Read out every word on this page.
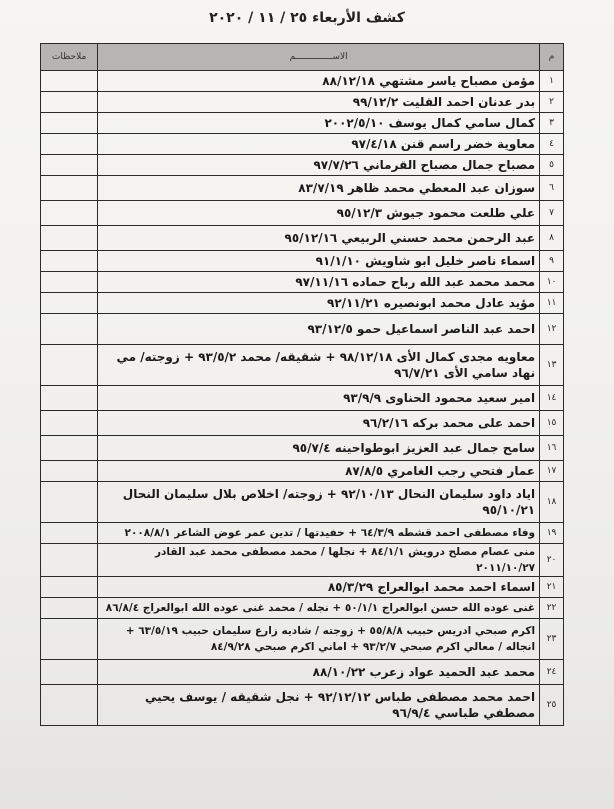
كشف الأربعاء ٢٥ / ١١ / ٢٠٢٠
م	الاســــــــــــــم	ملاحظات
١	مؤمن مصباح ياسر مشتهي ٨٨/١٢/١٨	
٢	بدر عدنان احمد القليت ٩٩/١٢/٢	
٣	كمال سامي كمال يوسف ٢٠٠٢/٥/١٠	
٤	معاوية خضر راسم قنن ٩٧/٤/١٨	
٥	مصباح جمال مصباح القرماني ٩٧/٧/٢٦	
٦	سوزان عبد المعطي محمد ظاهر ٨٣/٧/١٩	
٧	علي طلعت محمود جيوش ٩٥/١٢/٣	
٨	عبد الرحمن محمد حسني الربيعي ٩٥/١٢/١٦	
٩	اسماء ناصر خليل ابو شاويش ٩١/١/١٠	
١٠	محمد محمد عبد الله رباح حماده ٩٧/١١/١٦	
١١	مؤيد عادل محمد ابونصيره ٩٢/١١/٢١	
١٢	احمد عبد الناصر اسماعيل حمو ٩٣/١٢/٥	
١٣	معاويه مجدى كمال الأى ٩٨/١٢/١٨ + شقيقه/ محمد ٩٣/٥/٢ + زوجته/ مي نهاد سامي الأى ٩٦/٧/٢١	
١٤	امير سعيد محمود الحناوى ٩٣/٩/٩	
١٥	احمد على محمد بركه ٩٦/٢/١٦	
١٦	سامح جمال عبد العزيز ابوطواحينه ٩٥/٧/٤	
١٧	عمار فتحي رجب الغامري ٨٧/٨/٥	
١٨	اياد داود سليمان النحال ٩٢/١٠/١٣ + زوجته/ اخلاص بلال سليمان النحال ٩٥/١٠/٢١	
١٩	وفاء مصطفى احمد قشطه ٦٤/٣/٩ + حفيدتها / تدين عمر عوض الشاعر ٢٠٠٨/٨/١	
٢٠	منى عصام مصلح درويش ٨٤/١/١ + نجلها / محمد مصطفى محمد عبد القادر ٢٠١١/١٠/٢٧	
٢١	اسماء احمد محمد ابوالعراج ٨٥/٣/٢٩	
٢٢	غنى عوده الله حسن ابوالعراج ٥٠/١/١ + نجله / محمد غنى عوده الله ابوالعراج ٨٦/٨/٤	
٢٣	اكرم صبحي ادريس حبيب ٥٥/٨/٨ + زوجته / شاديه زارع سليمان حبيب ٦٣/٥/١٩ + انجاله / معالي اكرم صبحي ٩٣/٢/٧ + اماني اكرم صبحي ٨٤/٩/٢٨	
٢٤	محمد عبد الحميد عواد زعرب ٨٨/١٠/٢٢	
٢٥	احمد محمد مصطفى طباس ٩٢/١٢/١٢ + نجل شقيقه / يوسف يحيي مصطفي طباسي ٩٦/٩/٤	
